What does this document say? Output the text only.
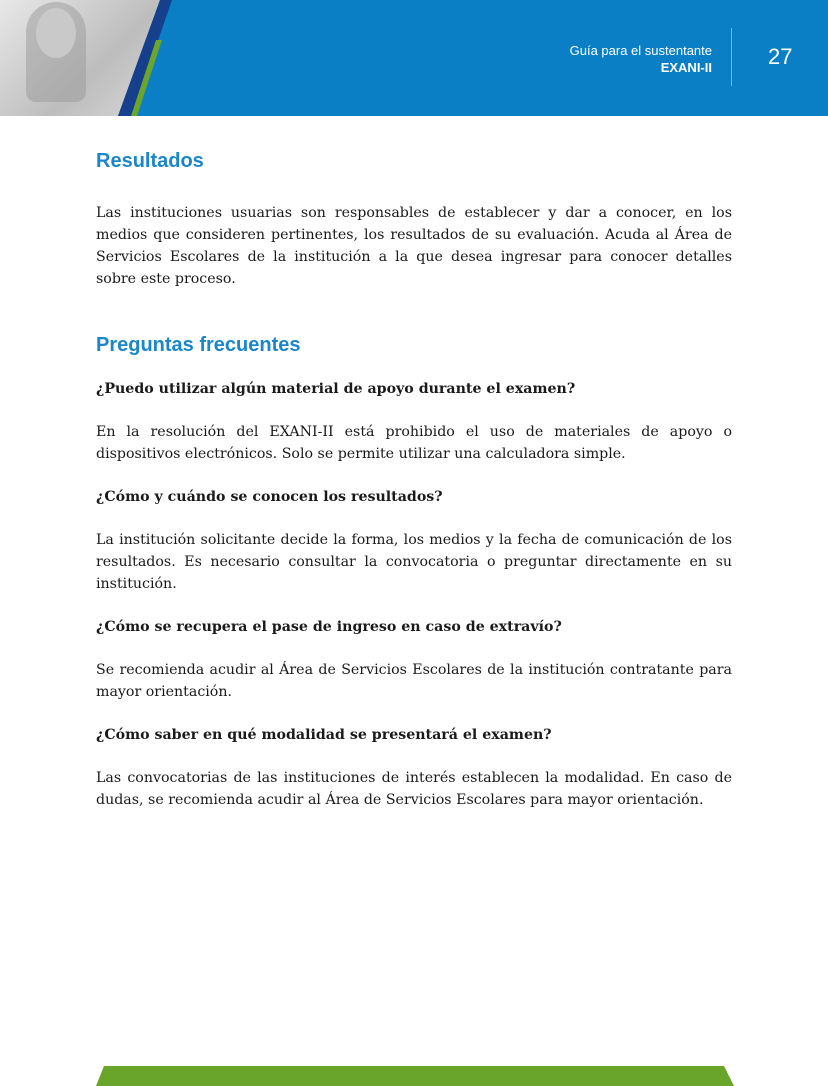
Guía para el sustentante
EXANI-II	27
Resultados

Las instituciones usuarias son responsables de establecer y dar a conocer, en los medios que consideren pertinentes, los resultados de su evaluación. Acuda al Área de Servicios Escolares de la institución a la que desea ingresar para conocer detalles sobre este proceso.

Preguntas frecuentes

¿Puedo utilizar algún material de apoyo durante el examen?

En la resolución del EXANI-II está prohibido el uso de materiales de apoyo o dispositivos electrónicos. Solo se permite utilizar una calculadora simple.

¿Cómo y cuándo se conocen los resultados?

La institución solicitante decide la forma, los medios y la fecha de comunicación de los resultados. Es necesario consultar la convocatoria o preguntar directamente en su institución.

¿Cómo se recupera el pase de ingreso en caso de extravío?

Se recomienda acudir al Área de Servicios Escolares de la institución contratante para mayor orientación.

¿Cómo saber en qué modalidad se presentará el examen?

Las convocatorias de las instituciones de interés establecen la modalidad. En caso de dudas, se recomienda acudir al Área de Servicios Escolares para mayor orientación.
